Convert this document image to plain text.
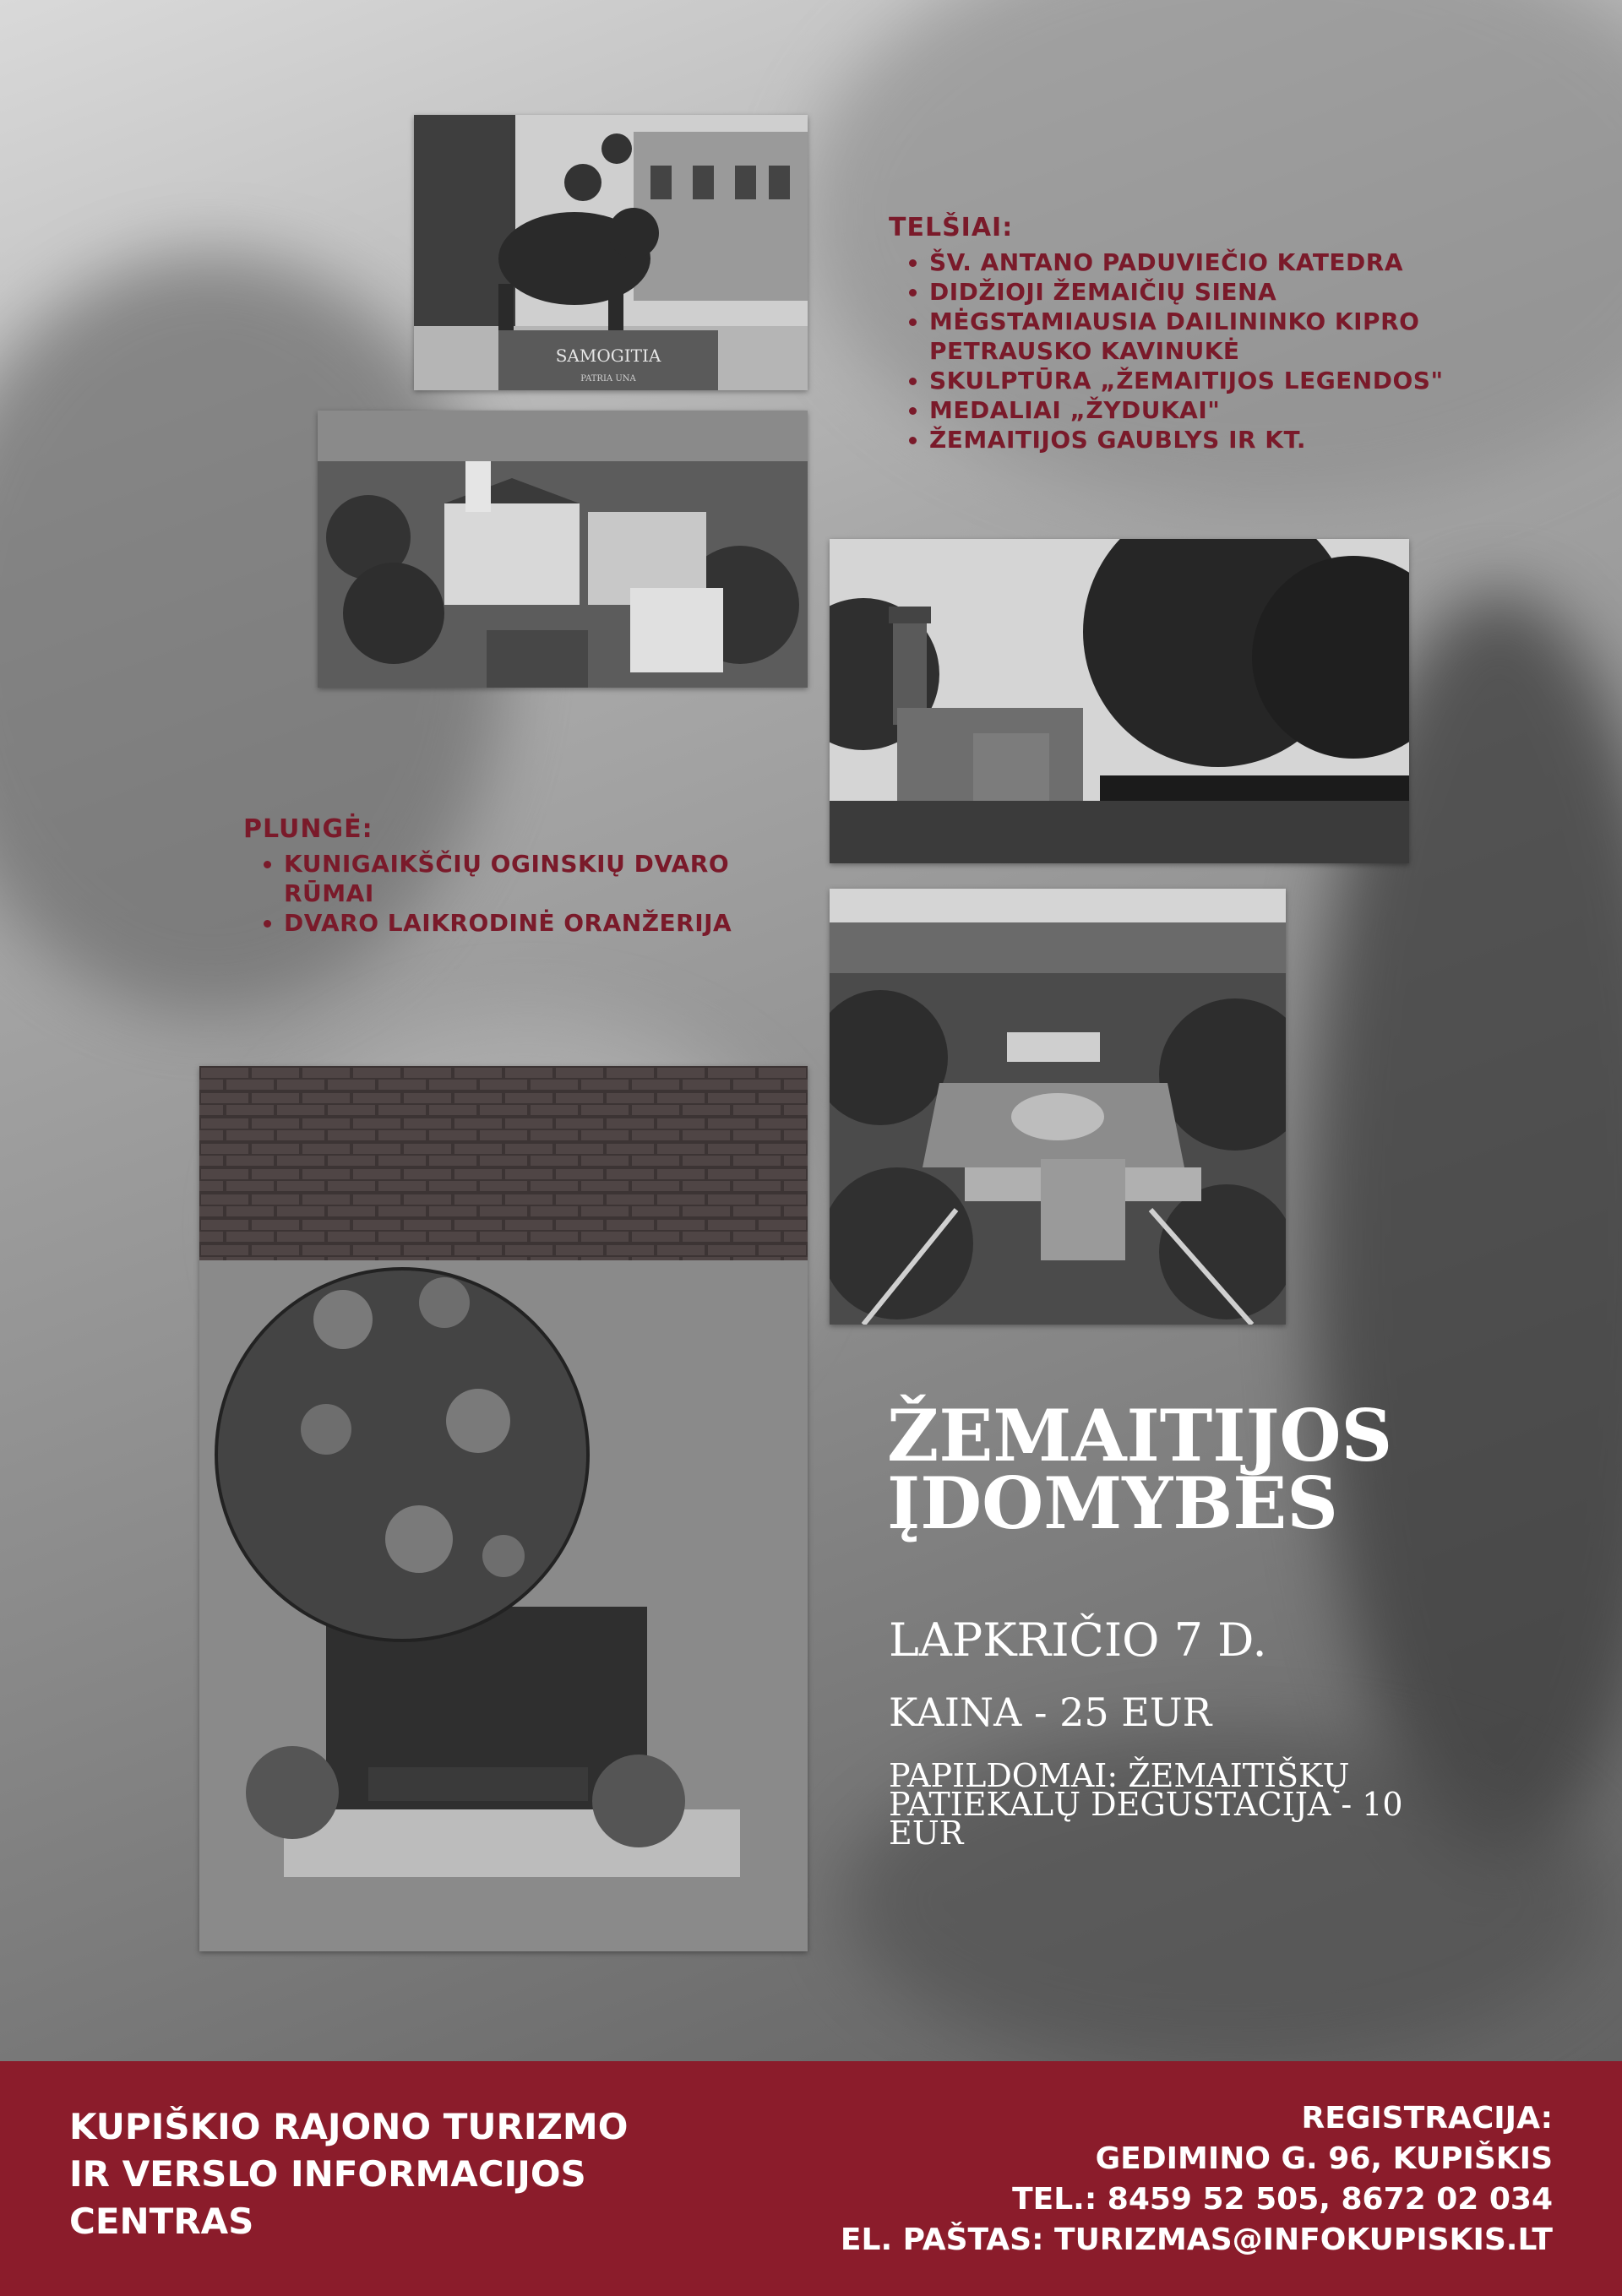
SAMOGITIA
PATRIA UNA
TELŠIAI:
• ŠV. ANTANO PADUVIEČIO KATEDRA
• DIDŽIOJI ŽEMAIČIŲ SIENA
• MĖGSTAMIAUSIA DAILININKO KIPRO PETRAUSKO KAVINUKĖ
• SKULPTŪRA „ŽEMAITIJOS LEGENDOS"
• MEDALIAI „ŽYDUKAI"
• ŽEMAITIJOS GAUBLYS IR KT.
PLUNGĖ:
• KUNIGAIKŠČIŲ OGINSKIŲ DVARO RŪMAI
• DVARO LAIKRODINĖ ORANŽERIJA
ŽEMAITIJOS ĮDOMYBĖS
LAPKRIČIO 7 D.
KAINA - 25 EUR
PAPILDOMAI: ŽEMAITIŠKŲ PATIEKALŲ DEGUSTACIJA - 10 EUR
KUPIŠKIO RAJONO TURIZMO
IR VERSLO INFORMACIJOS
CENTRAS
REGISTRACIJA:
GEDIMINO G. 96, KUPIŠKIS
TEL.: 8459 52 505, 8672 02 034
EL. PAŠTAS: TURIZMAS@INFOKUPISKIS.LT
